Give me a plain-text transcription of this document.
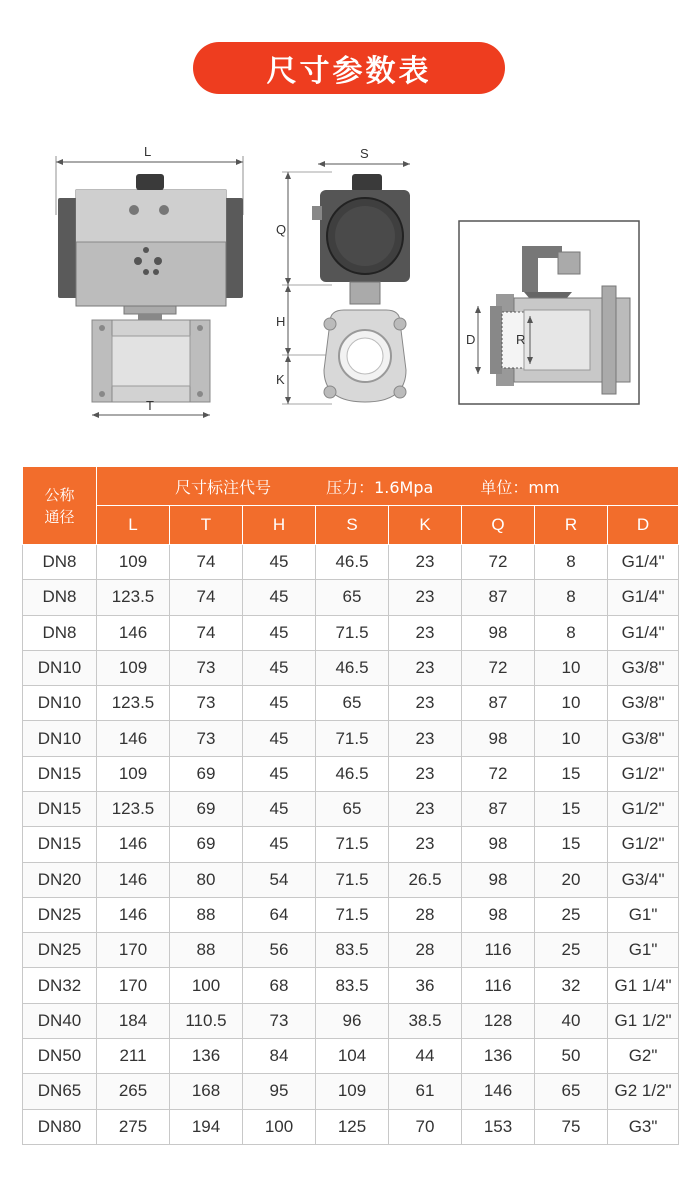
尺寸参数表
L
T
S
Q
H
K
D	R
公称
通径	尺寸标注代号 压力：1.6Mpa 单位：mm							
	L	T	H	S	K	Q	R	D
DN8	109	74	45	46.5	23	72	8	G1/4"
DN8	123.5	74	45	65	23	87	8	G1/4"
DN8	146	74	45	71.5	23	98	8	G1/4"
DN10	109	73	45	46.5	23	72	10	G3/8"
DN10	123.5	73	45	65	23	87	10	G3/8"
DN10	146	73	45	71.5	23	98	10	G3/8"
DN15	109	69	45	46.5	23	72	15	G1/2"
DN15	123.5	69	45	65	23	87	15	G1/2"
DN15	146	69	45	71.5	23	98	15	G1/2"
DN20	146	80	54	71.5	26.5	98	20	G3/4"
DN25	146	88	64	71.5	28	98	25	G1"
DN25	170	88	56	83.5	28	116	25	G1"
DN32	170	100	68	83.5	36	116	32	G1 1/4"
DN40	184	110.5	73	96	38.5	128	40	G1 1/2"
DN50	211	136	84	104	44	136	50	G2"
DN65	265	168	95	109	61	146	65	G2 1/2"
DN80	275	194	100	125	70	153	75	G3"
